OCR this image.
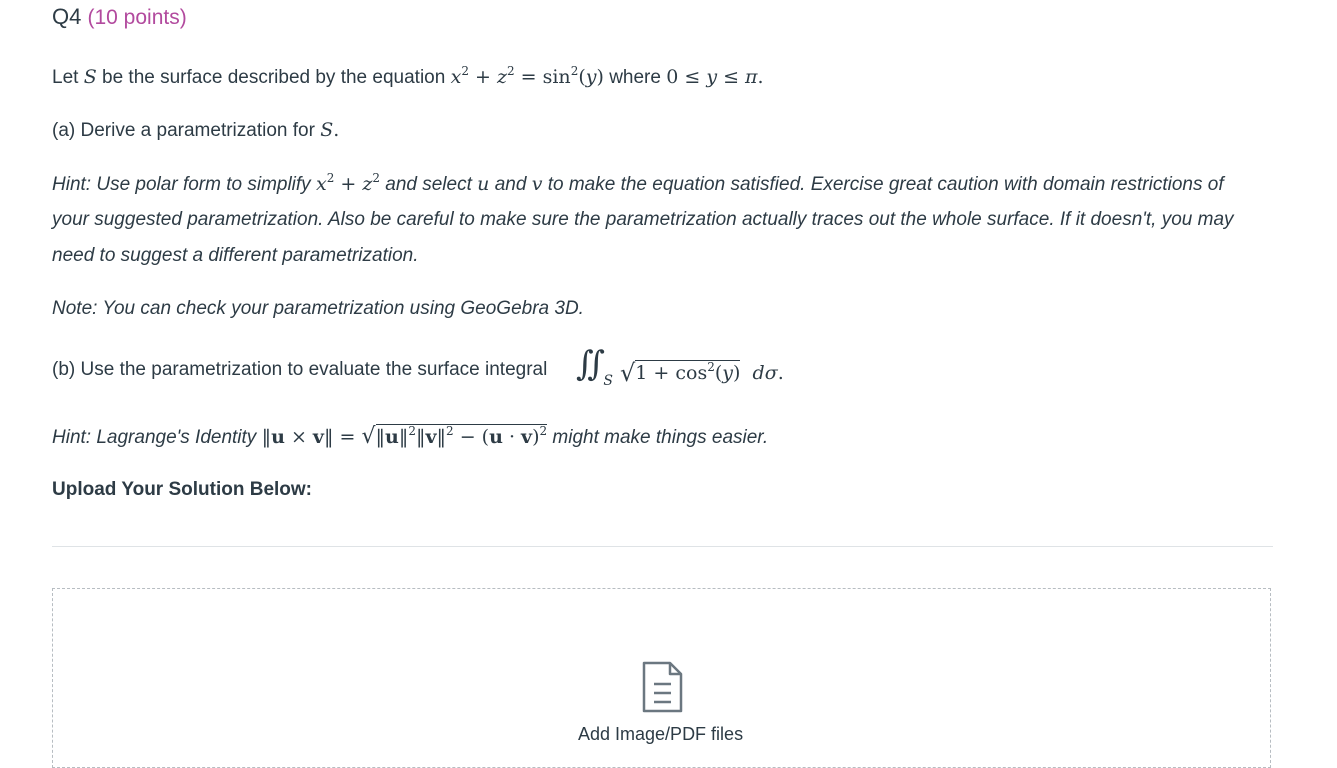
Q4 (10 points)
Let S be the surface described by the equation $x^2 + z^2 = \sin^2(y)$ where 0 ≤ y ≤ π.
(a) Derive a parametrization for S.
Hint: Use polar form to simplify $x^2 + z^2$ and select u and v to make the equation satisfied. Exercise great caution with domain restrictions of
your suggested parametrization. Also be careful to make sure the parametrization actually traces out the whole surface. If it doesn't, you may
need to suggest a different parametrization.
Note: You can check your parametrization using GeoGebra 3D.
(b) Use the parametrization to evaluate the surface integral ∬ S $√1 + \cos^2(y)$ dσ.
Hint: Lagrange's Identity ‖u × v‖ = √‖u‖$^2$‖v‖$^2$ − $(u \cdot v)^2$ might make things easier.
Upload Your Solution Below:
Add Image/PDF files
